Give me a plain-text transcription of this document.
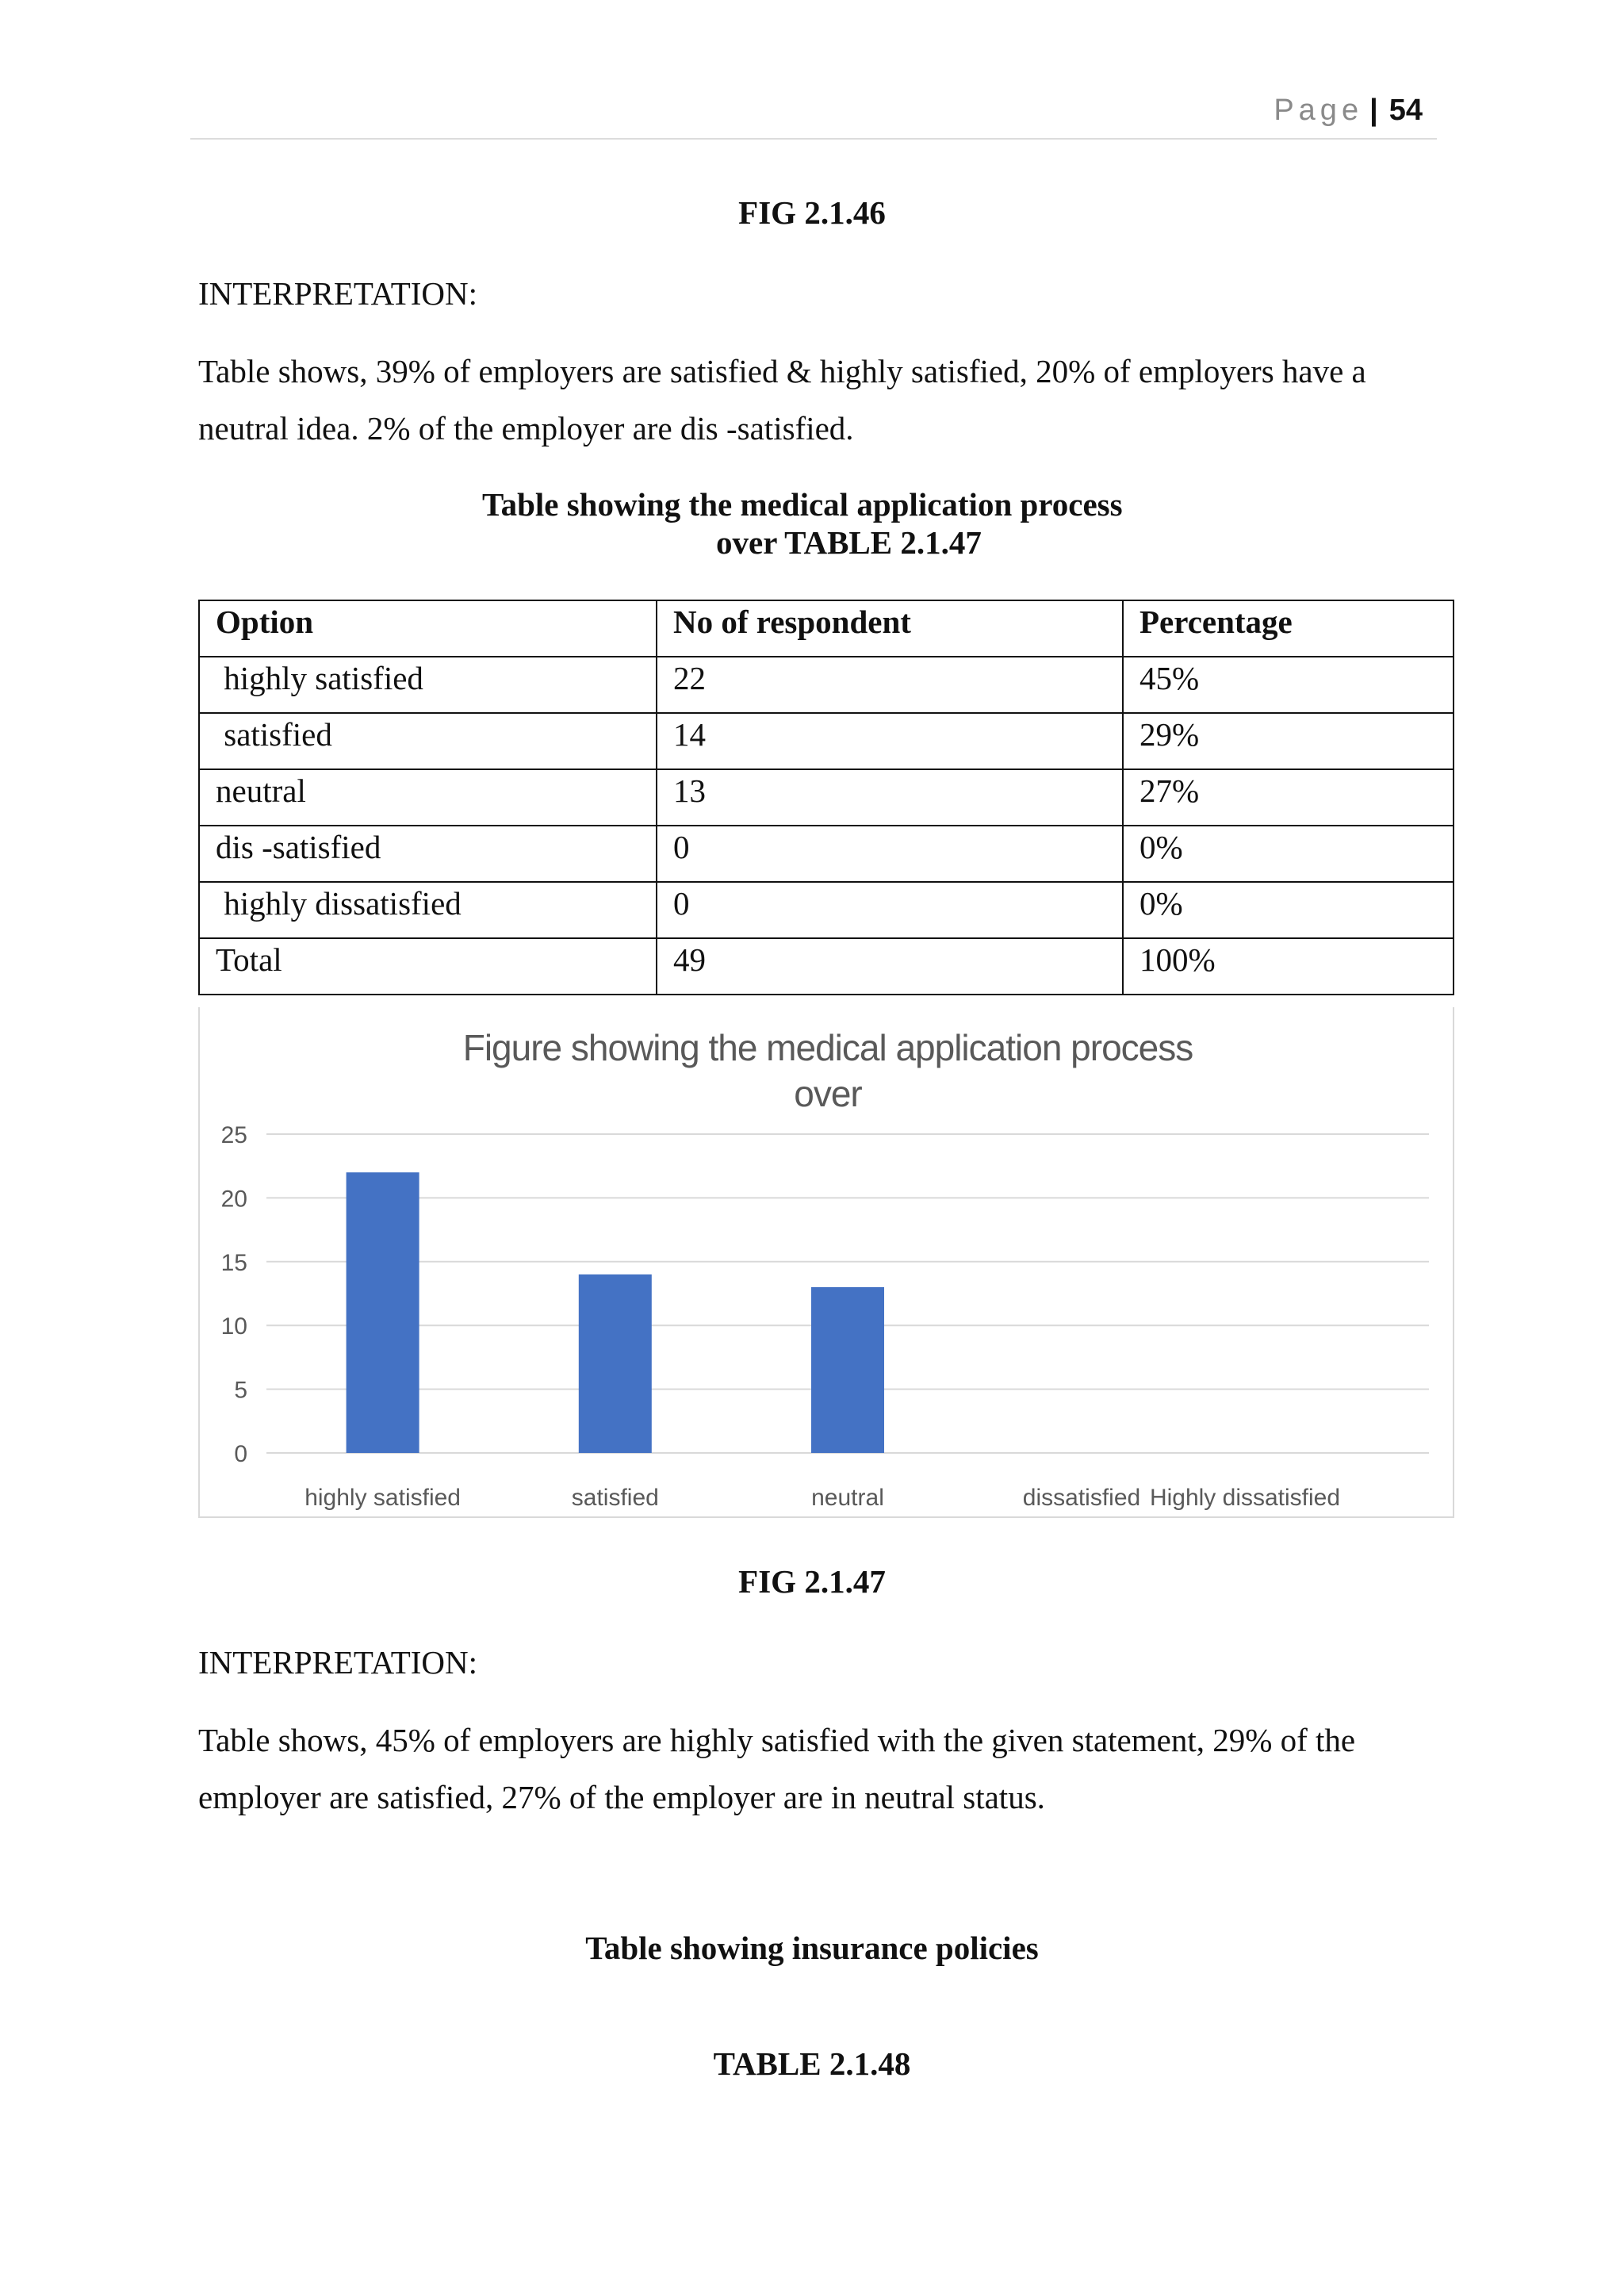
Page | 54
FIG 2.1.46
INTERPRETATION:
Table shows, 39% of employers are satisfied & highly satisfied, 20% of employers have a neutral idea. 2% of the employer are dis -satisfied.
Table showing the medical application process
over TABLE 2.1.47
Option	No of respondent	Percentage
highly satisfied	22	45%
satisfied	14	29%
neutral	13	27%
dis -satisfied	0	0%
highly dissatisfied	0	0%
Total	49	100%
Figure showing the medical application process
over
0
5
10
15
20
25
highly satisfied	satisfied	neutral	dissatisfied Highly dissatisfied
FIG 2.1.47
INTERPRETATION:
Table shows, 45% of employers are highly satisfied with the given statement, 29% of the employer are satisfied, 27% of the employer are in neutral status.
Table showing insurance policies
TABLE 2.1.48
